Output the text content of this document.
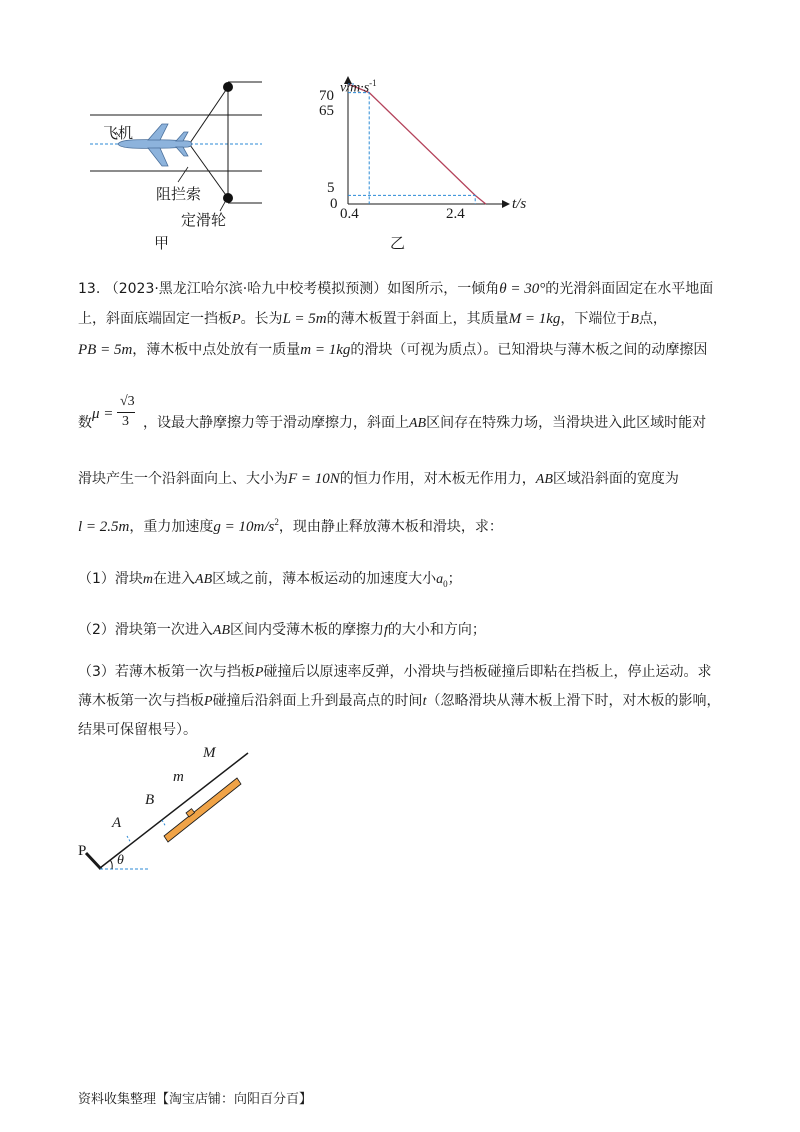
飞机
阻拦索
定滑轮
甲
$v/m\cdot s^{-1}$
t/s
0
70
65
5
0.4	2.4
乙
13. （2023·黑龙江哈尔滨·哈九中校考模拟预测）如图所示，一倾角θ = 30°的光滑斜面固定在水平地面
上，斜面底端固定一挡板P。长为L = 5m的薄木板置于斜面上，其质量M = 1kg，下端位于B点，
PB = 5m，薄木板中点处放有一质量m = 1kg的滑块（可视为质点）。已知滑块与薄木板之间的动摩擦因
数
μ =
√3
3 ，设最大静摩擦力等于滑动摩擦力，斜面上AB区间存在特殊力场，当滑块进入此区域时能对
滑块产生一个沿斜面向上、大小为F = 10N的恒力作用，对木板无作用力，AB区域沿斜面的宽度为
l = 2.5m，重力加速度$g = 10m/s^2$，现由静止释放薄木板和滑块，求：
（1）滑块m在进入AB区域之前，薄本板运动的加速度大小$a_0$；
（2）滑块第一次进入AB区间内受薄木板的摩擦力f的大小和方向；
（3）若薄木板第一次与挡板P碰撞后以原速率反弹，小滑块与挡板碰撞后即粘在挡板上，停止运动。求
薄木板第一次与挡板P碰撞后沿斜面上升到最高点的时间t（忽略滑块从薄木板上滑下时，对木板的影响，
结果可保留根号）。
M
m
B
A
P
θ
资料收集整理【淘宝店铺：向阳百分百】
